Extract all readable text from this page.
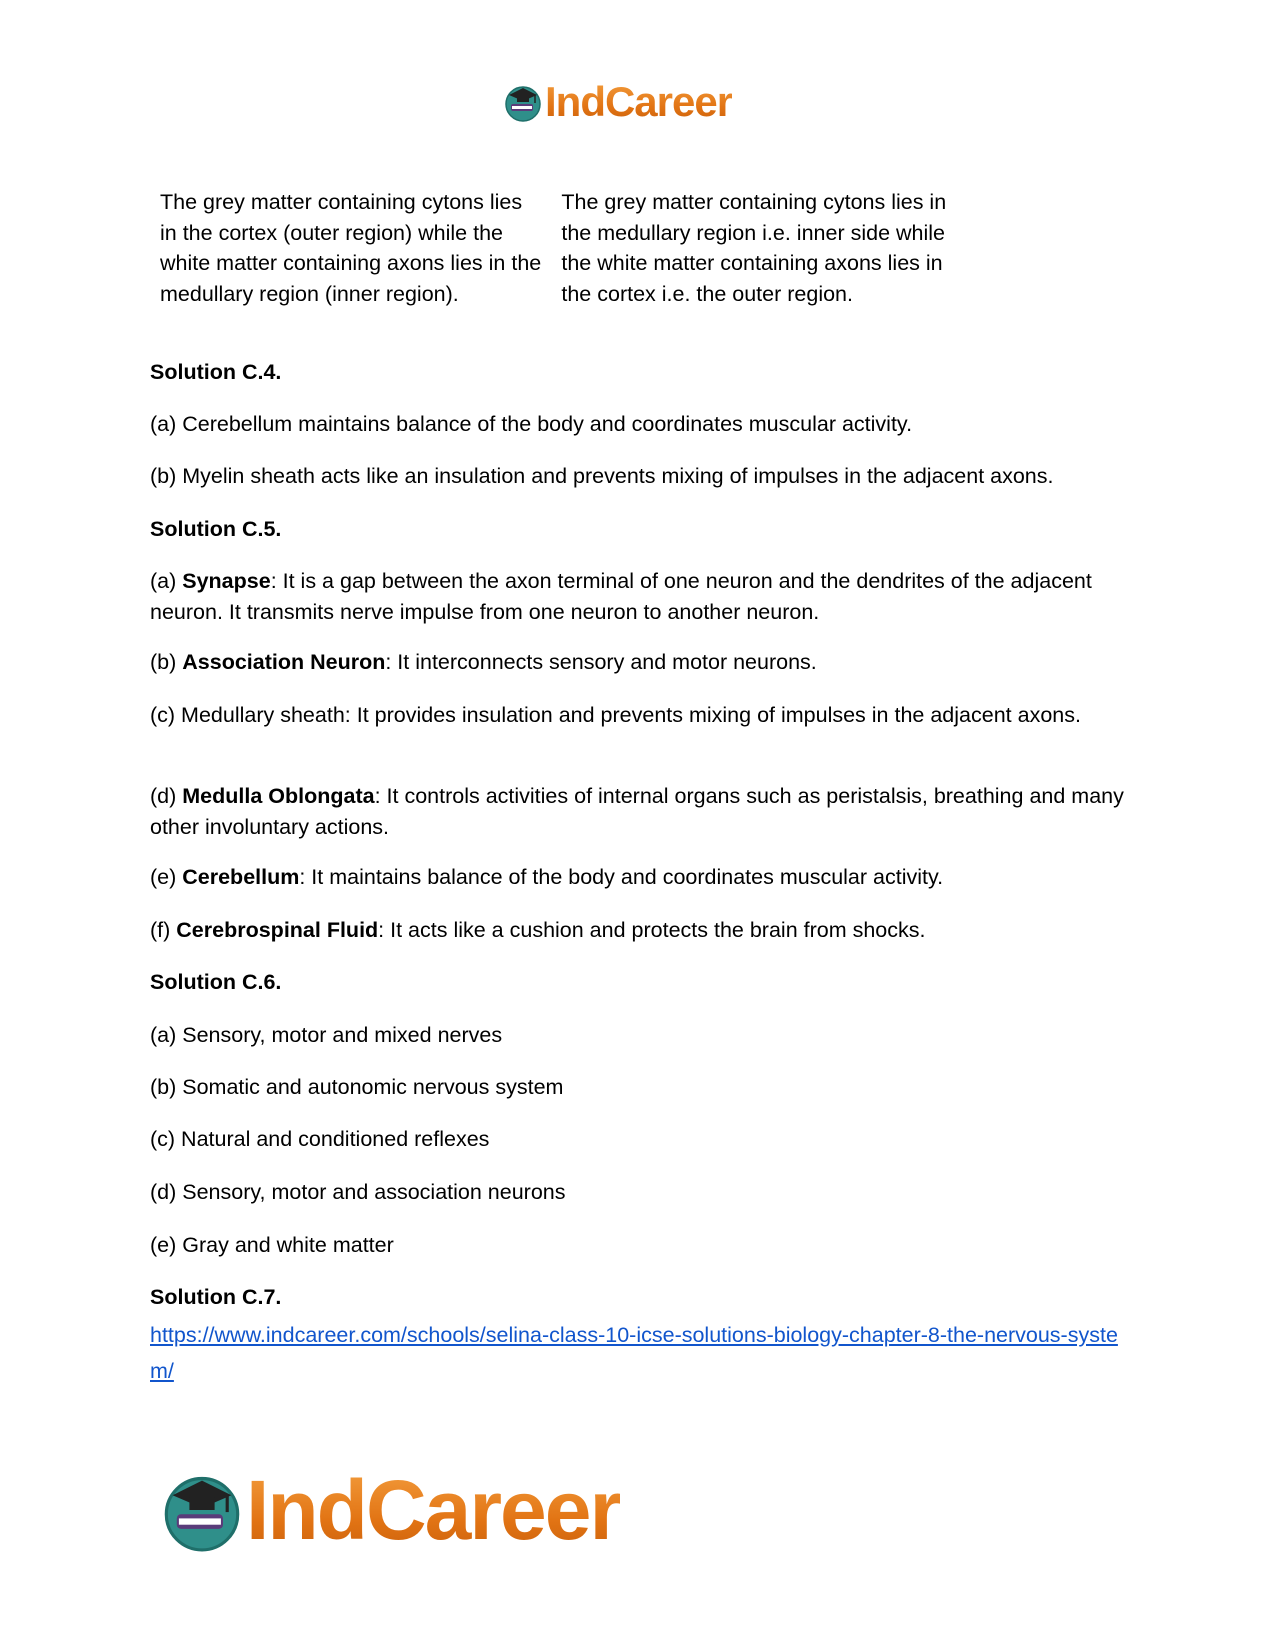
IndCareer
The grey matter containing cytons lies in the cortex (outer region) while the white matter containing axons lies in the medullary region (inner region).
The grey matter containing cytons lies in the medullary region i.e. inner side while the white matter containing axons lies in the cortex i.e. the outer region.
Solution C.4.
(a) Cerebellum maintains balance of the body and coordinates muscular activity.
(b) Myelin sheath acts like an insulation and prevents mixing of impulses in the adjacent axons.
Solution C.5.
(a) Synapse: It is a gap between the axon terminal of one neuron and the dendrites of the adjacent neuron. It transmits nerve impulse from one neuron to another neuron.
(b) Association Neuron: It interconnects sensory and motor neurons.
(c) Medullary sheath: It provides insulation and prevents mixing of impulses in the adjacent axons.
(d) Medulla Oblongata: It controls activities of internal organs such as peristalsis, breathing and many other involuntary actions.
(e) Cerebellum: It maintains balance of the body and coordinates muscular activity.
(f) Cerebrospinal Fluid: It acts like a cushion and protects the brain from shocks.
Solution C.6.
(a) Sensory, motor and mixed nerves
(b) Somatic and autonomic nervous system
(c) Natural and conditioned reflexes
(d) Sensory, motor and association neurons
(e) Gray and white matter
Solution C.7.
https://www.indcareer.com/schools/selina-class-10-icse-solutions-biology-chapter-8-the-nervous-system/
IndCareer
